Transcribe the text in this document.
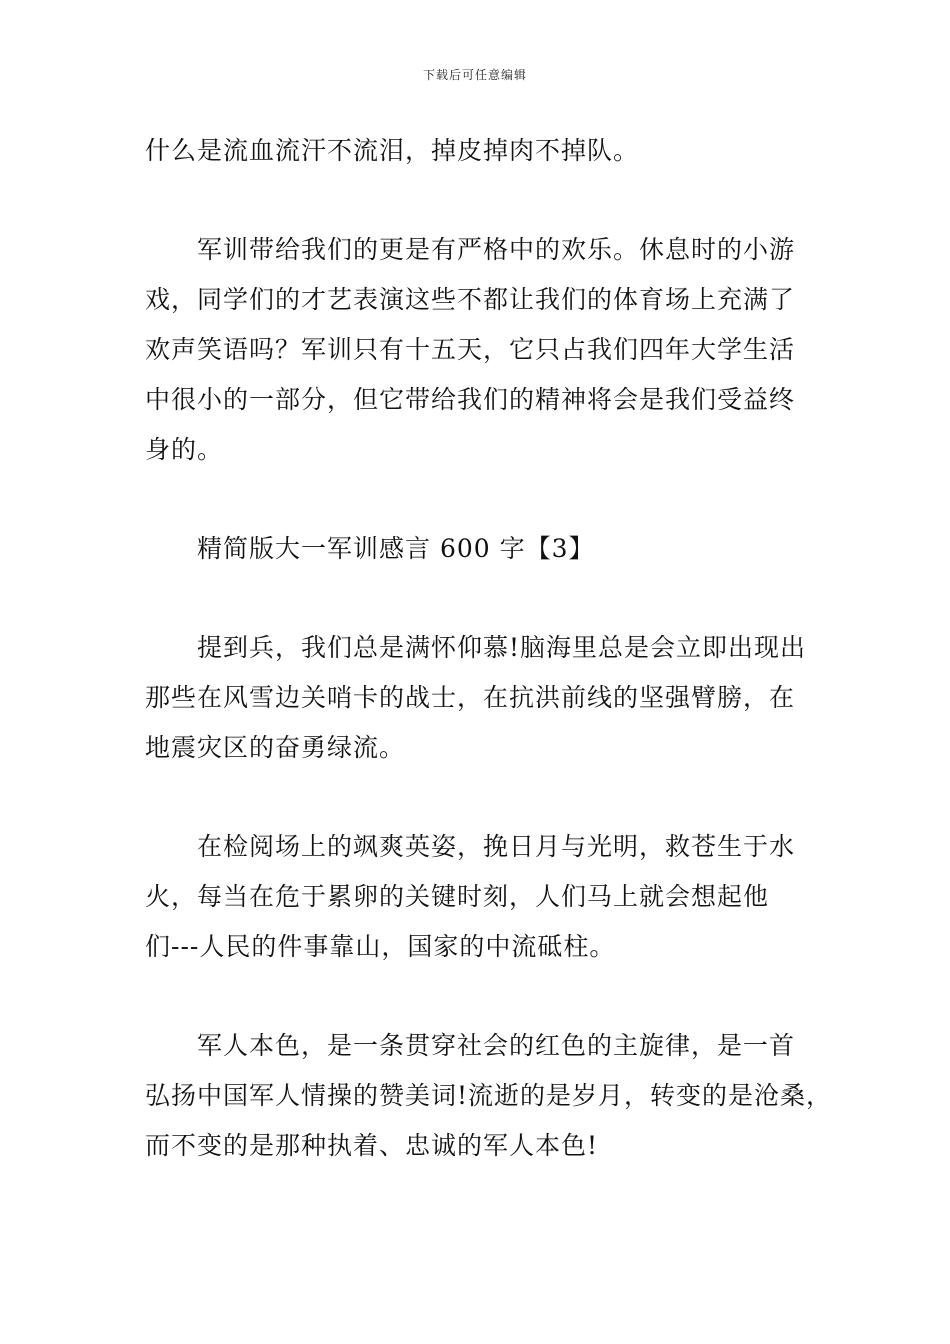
下载后可任意编辑
什么是流血流汗不流泪，掉皮掉肉不掉队。
军训带给我们的更是有严格中的欢乐。休息时的小游
戏，同学们的才艺表演这些不都让我们的体育场上充满了
欢声笑语吗？军训只有十五天，它只占我们四年大学生活
中很小的一部分，但它带给我们的精神将会是我们受益终
身的。
精简版大一军训感言 600 字【3】
提到兵，我们总是满怀仰慕!脑海里总是会立即出现出
那些在风雪边关哨卡的战士，在抗洪前线的坚强臂膀，在
地震灾区的奋勇绿流。
在检阅场上的飒爽英姿，挽日月与光明，救苍生于水
火，每当在危于累卵的关键时刻，人们马上就会想起他
们---人民的件事靠山，国家的中流砥柱。
军人本色，是一条贯穿社会的红色的主旋律，是一首
弘扬中国军人情操的赞美词!流逝的是岁月，转变的是沧桑，
而不变的是那种执着、忠诚的军人本色!
